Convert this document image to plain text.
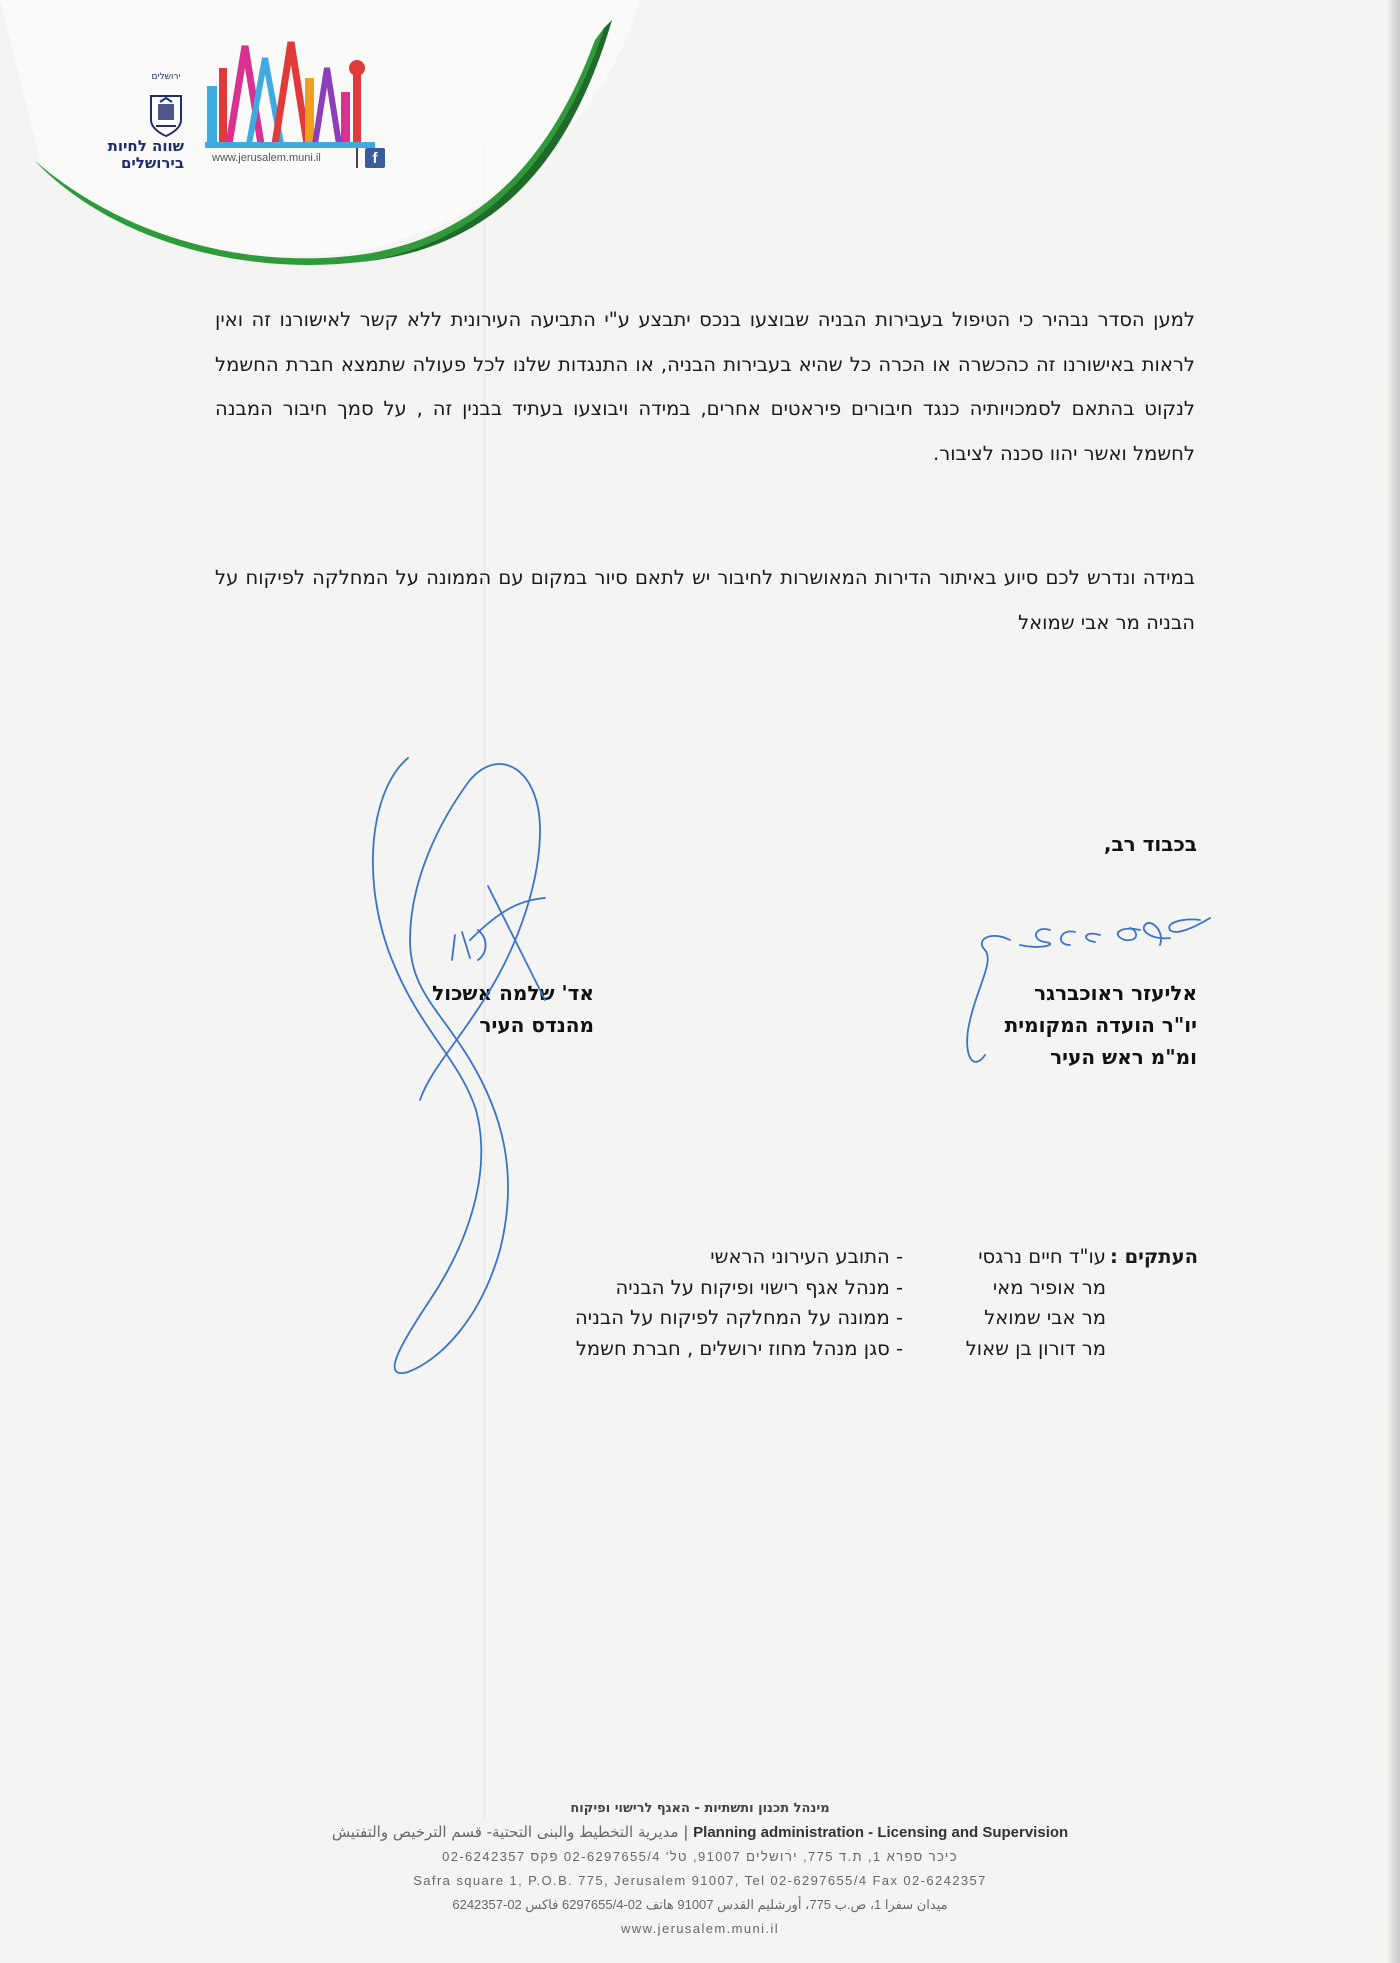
ירושלים
שווה לחיות
בירושלים	www.jerusalem.muni.il	f
למען הסדר נבהיר כי הטיפול בעבירות הבניה שבוצעו בנכס יתבצע ע"י התביעה העירונית ללא קשר לאישורנו זה ואין לראות באישורנו זה כהכשרה או הכרה כל שהיא בעבירות הבניה, או התנגדות שלנו לכל פעולה שתמצא חברת החשמל לנקוט בהתאם לסמכויותיה כנגד חיבורים פיראטים אחרים, במידה ויבוצעו בעתיד בבנין זה , על סמך חיבור המבנה לחשמל ואשר יהוו סכנה לציבור.
במידה ונדרש לכם סיוע באיתור הדירות המאושרות לחיבור יש לתאם סיור במקום עם הממונה על המחלקה לפיקוח על הבניה מר אבי שמואל
בכבוד רב,
אליעזר ראוכברגר
יו"ר הועדה המקומית
ומ"מ ראש העיר
אד' שלמה אשכול
מהנדס העיר
העתקים :
עו"ד חיים נרגסי
- התובע העירוני הראשי
מר אופיר מאי
- מנהל אגף רישוי ופיקוח על הבניה
מר אבי שמואל
- ממונה על המחלקה לפיקוח על הבניה
מר דורון בן שאול
- סגן מנהל מחוז ירושלים , חברת חשמל
מינהל תכנון ותשתיות - האגף לרישוי ופיקוח
مديرية التخطيط والبنى التحتية- قسم الترخيص والتفتيش | Planning administration - Licensing and Supervision
כיכר ספרא 1, ת.ד 775, ירושלים 91007, טל' 02-6297655/4 פקס 02-6242357
Safra square 1, P.O.B. 775, Jerusalem 91007, Tel 02-6297655/4 Fax 02-6242357
ميدان سفرا 1، ص.ب 775، أورشليم القدس 91007 هاتف 02-6297655/4 فاكس 02-6242357
www.jerusalem.muni.il
